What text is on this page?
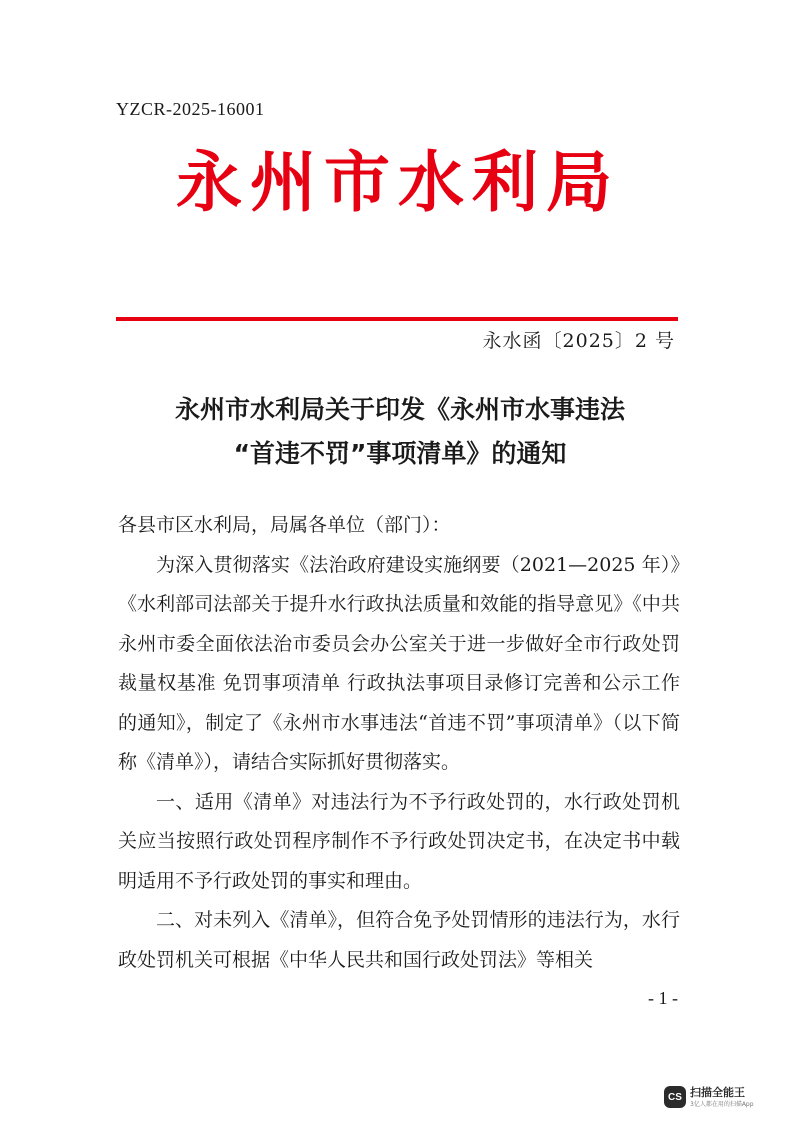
YZCR-2025-16001
永州市水利局
永水函〔2025〕2 号
永州市水利局关于印发《永州市水事违法
“首违不罚”事项清单》的通知

各县市区水利局，局属各单位（部门）：

为深入贯彻落实《法治政府建设实施纲要（2021—2025 年）》《水利部司法部关于提升水行政执法质量和效能的指导意见》《中共永州市委全面依法治市委员会办公室关于进一步做好全市行政处罚裁量权基准 免罚事项清单 行政执法事项目录修订完善和公示工作的通知》，制定了《永州市水事违法“首违不罚”事项清单》（以下简称《清单》），请结合实际抓好贯彻落实。

一、适用《清单》对违法行为不予行政处罚的，水行政处罚机关应当按照行政处罚程序制作不予行政处罚决定书，在决定书中载明适用不予行政处罚的事实和理由。

二、对未列入《清单》，但符合免予处罚情形的违法行为，水行政处罚机关可根据《中华人民共和国行政处罚法》等相关

- 1 -
CS 扫描全能王
3亿人都在用的扫描App
